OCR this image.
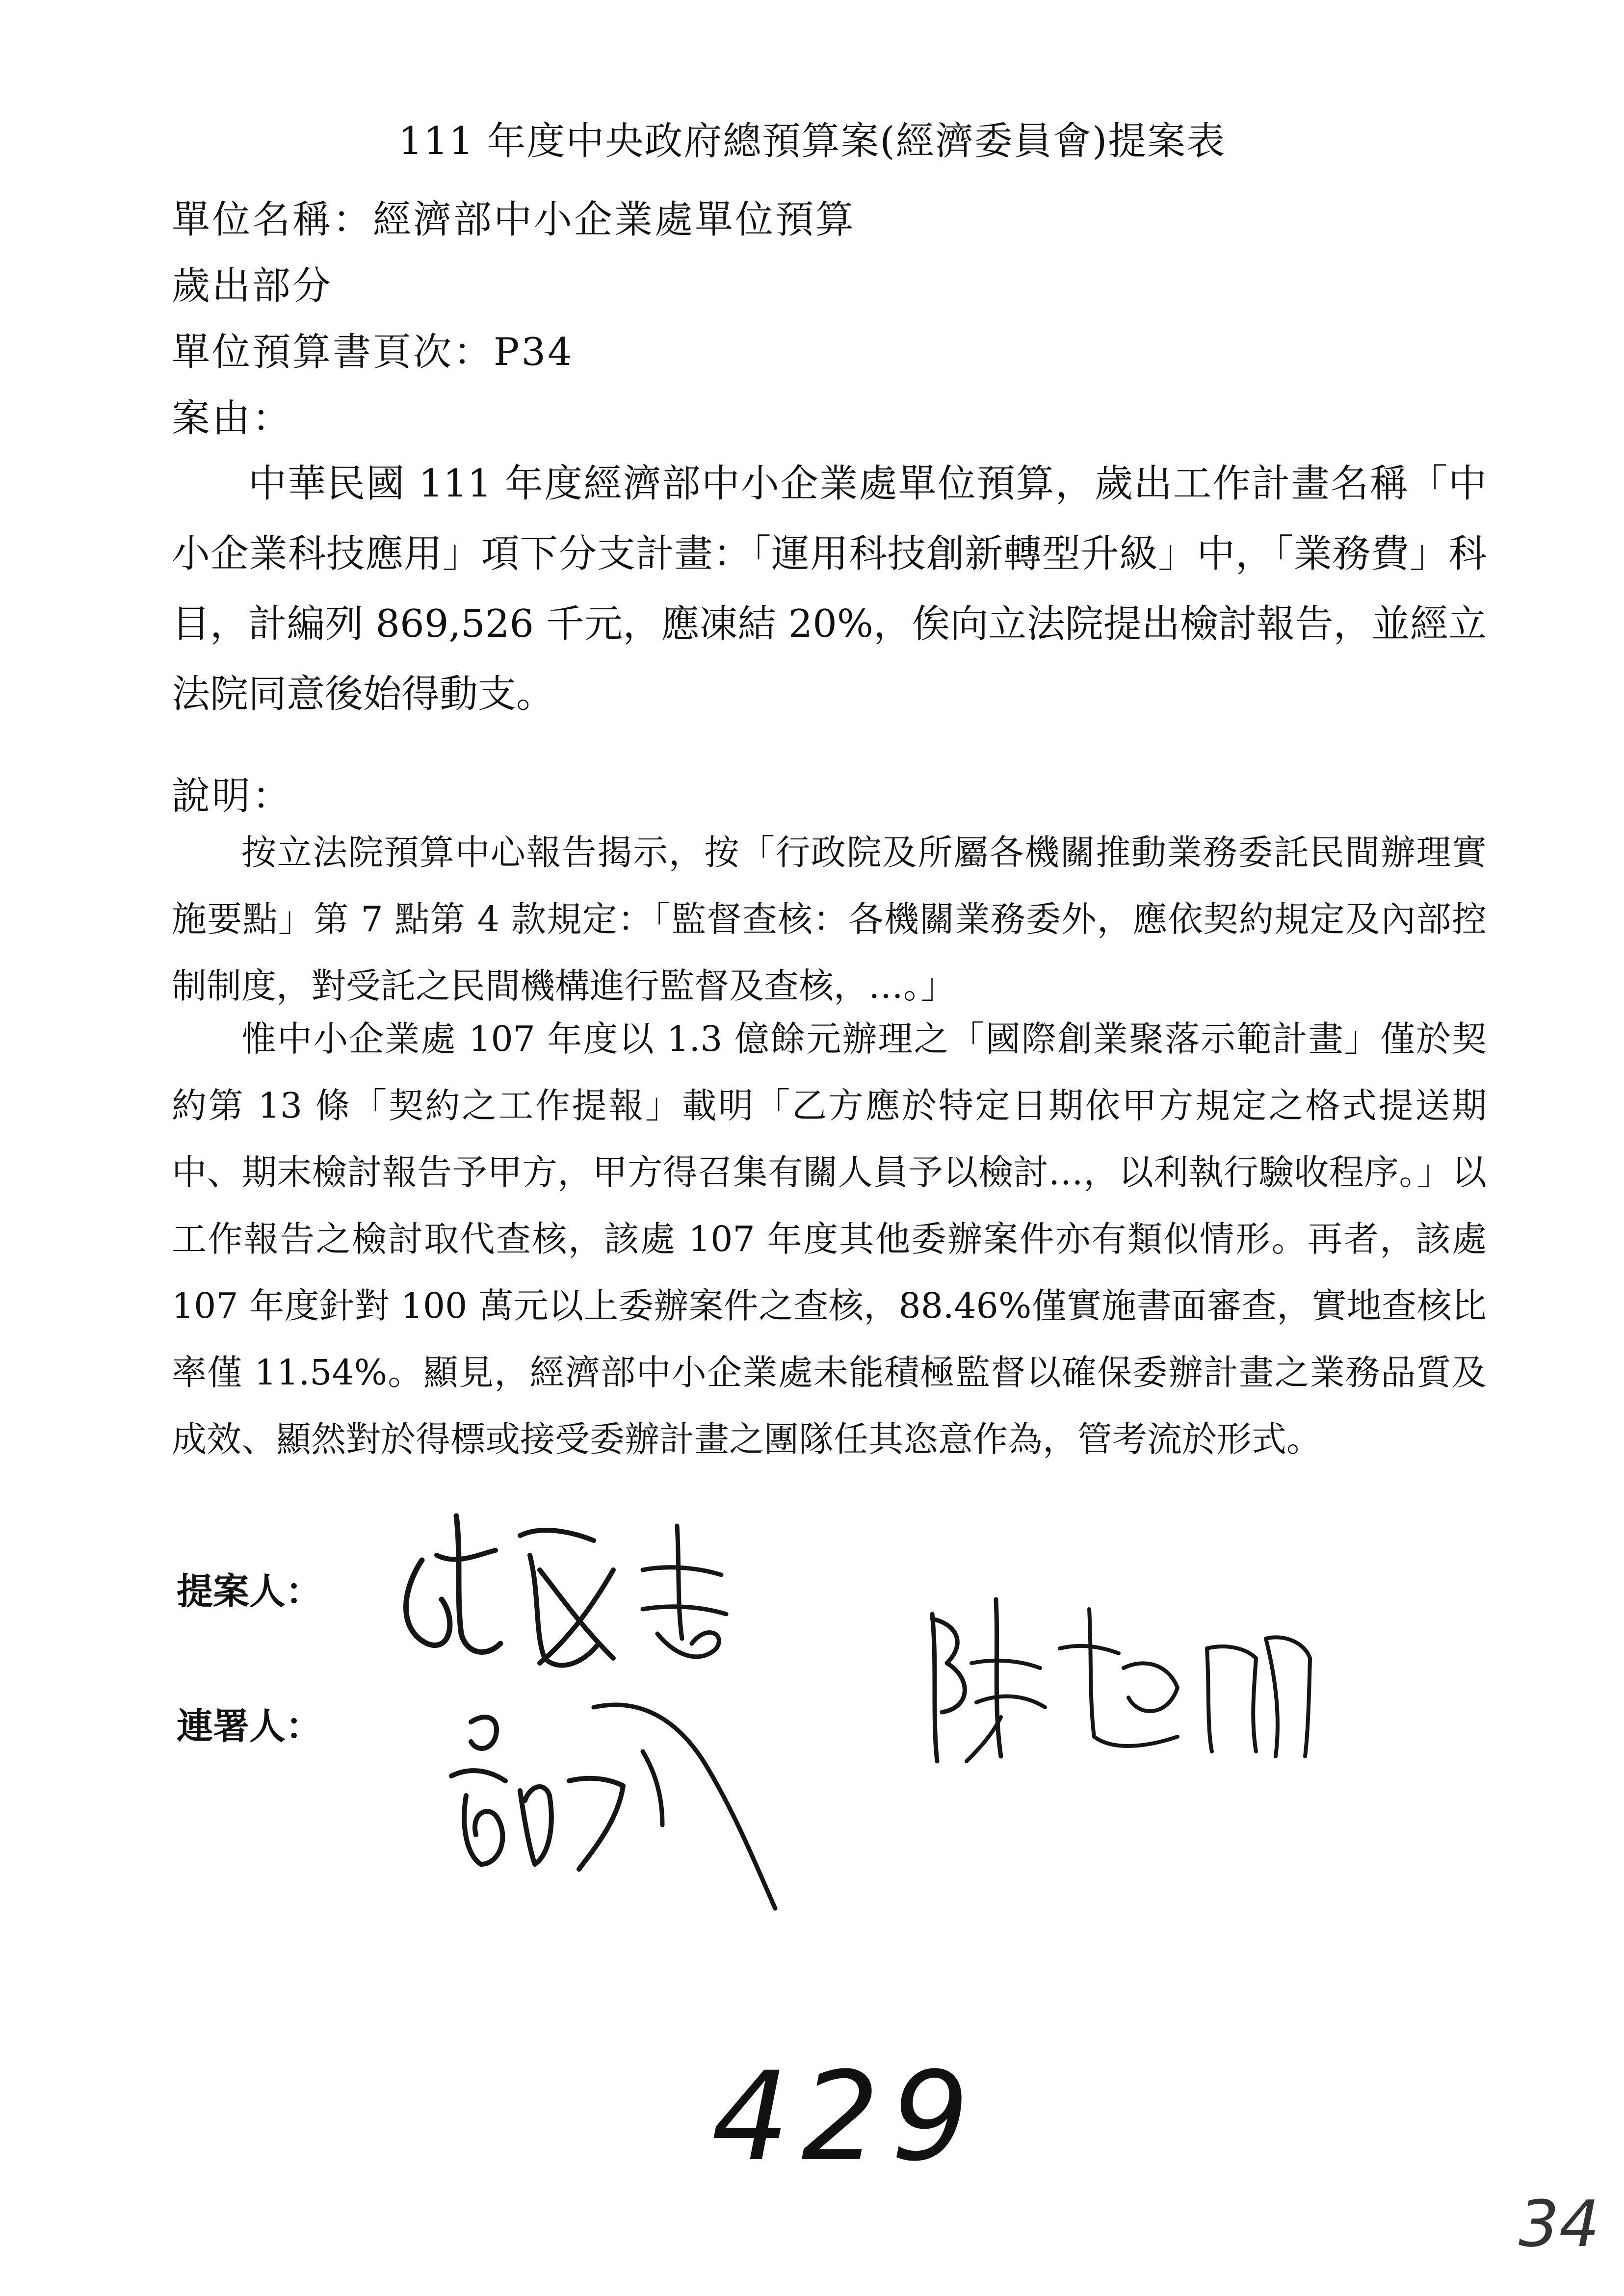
111 年度中央政府總預算案(經濟委員會)提案表
單位名稱：經濟部中小企業處單位預算
歲出部分
單位預算書頁次：P34
案由：

中華民國 111 年度經濟部中小企業處單位預算，歲出工作計畫名稱「中小企業科技應用」項下分支計畫：「運用科技創新轉型升級」中，「業務費」科目，計編列 869,526 千元，應凍結 20%，俟向立法院提出檢討報告，並經立法院同意後始得動支。

說明：

按立法院預算中心報告揭示，按「行政院及所屬各機關推動業務委託民間辦理實施要點」第 7 點第 4 款規定：「監督查核：各機關業務委外，應依契約規定及內部控制制度，對受託之民間機構進行監督及查核，…。」

惟中小企業處 107 年度以 1.3 億餘元辦理之「國際創業聚落示範計畫」僅於契約第 13 條「契約之工作提報」載明「乙方應於特定日期依甲方規定之格式提送期中、期末檢討報告予甲方，甲方得召集有關人員予以檢討…，以利執行驗收程序。」以工作報告之檢討取代查核，該處 107 年度其他委辦案件亦有類似情形。再者，該處 107 年度針對 100 萬元以上委辦案件之查核，88.46%僅實施書面審查，實地查核比率僅 11.54%。顯見，經濟部中小企業處未能積極監督以確保委辦計畫之業務品質及成效、顯然對於得標或接受委辦計畫之團隊任其恣意作為，管考流於形式。

提案人：
連署人：
429
34
